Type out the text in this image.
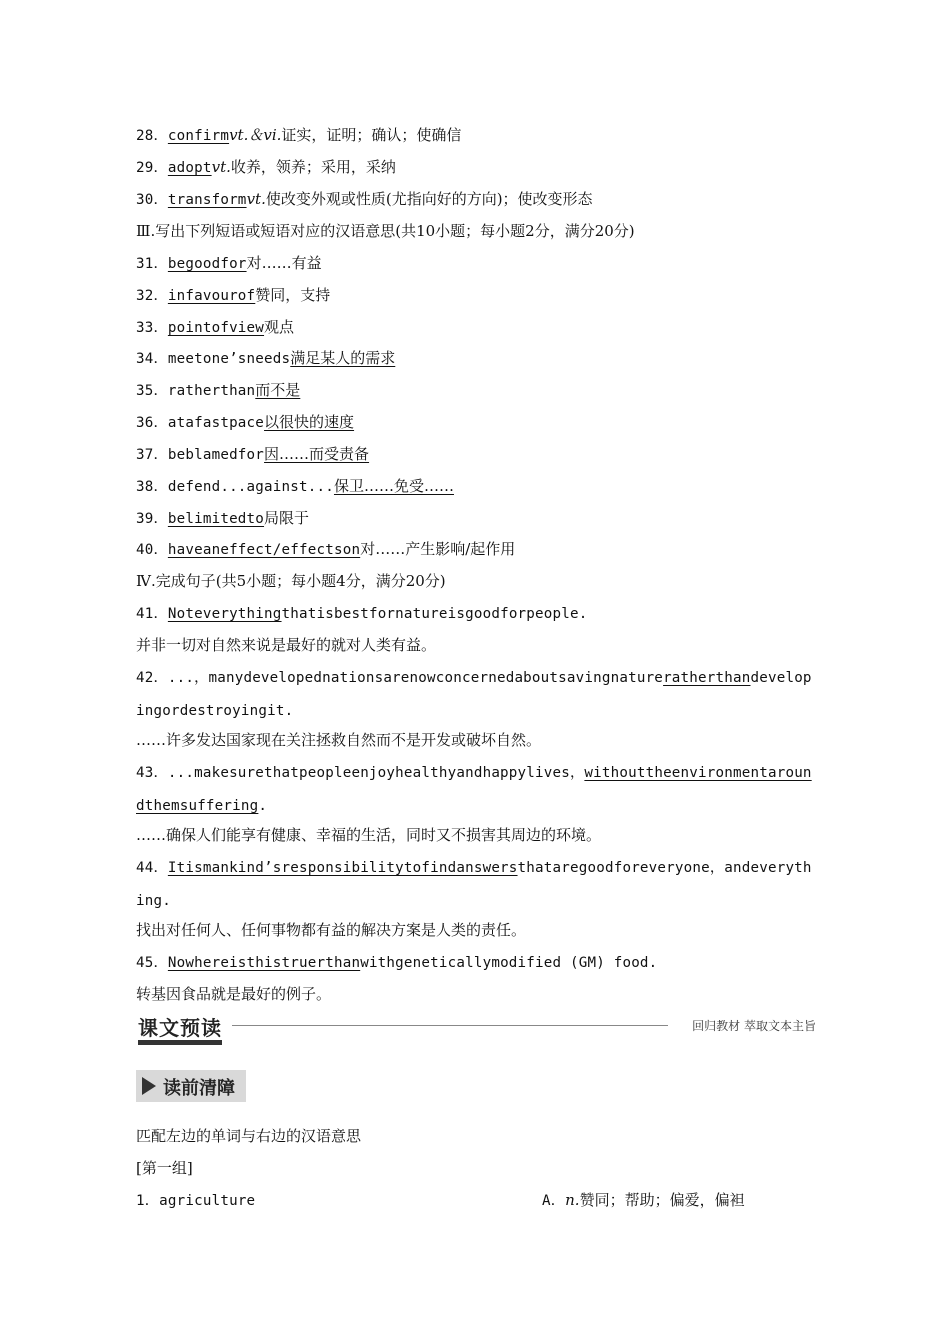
28．confirmvt.＆vi.证实，证明；确认；使确信
29．adoptvt.收养，领养；采用，采纳
30．transformvt.使改变外观或性质(尤指向好的方向)；使改变形态
Ⅲ.写出下列短语或短语对应的汉语意思(共10小题；每小题2分，满分20分)
31．begoodfor对……有益
32．infavourof赞同，支持
33．pointofview观点
34．meetone’sneeds满足某人的需求
35．ratherthan而不是
36．atafastpace以很快的速度
37．beblamedfor因……而受责备
38．defend...against...保卫……免受……
39．belimitedto局限于
40．haveaneffect/effectson对……产生影响/起作用
Ⅳ.完成句子(共5小题；每小题4分，满分20分)
41．Noteverythingthatisbestfornatureisgoodforpeople.
并非一切对自然来说是最好的就对人类有益。
42．...，manydevelopednationsarenowconcernedaboutsavingnatureratherthandevelopingordestroyingit.
……许多发达国家现在关注拯救自然而不是开发或破坏自然。
43．...makesurethatpeopleenjoyhealthyandhappylives，withouttheenvironmentaroundthemsuffering.
……确保人们能享有健康、幸福的生活，同时又不损害其周边的环境。
44．Itismankind’sresponsibilitytofindanswersthataregoodforeveryone，andeverything.
找出对任何人、任何事物都有益的解决方案是人类的责任。
45．Nowhereisthistruerthanwithgeneticallymodified (GM) food.
转基因食品就是最好的例子。
课文预读	回归教材 萃取文本主旨
读前清障
匹配左边的单词与右边的汉语意思
[第一组]
1．agriculture	A．n.赞同；帮助；偏爱，偏袒
